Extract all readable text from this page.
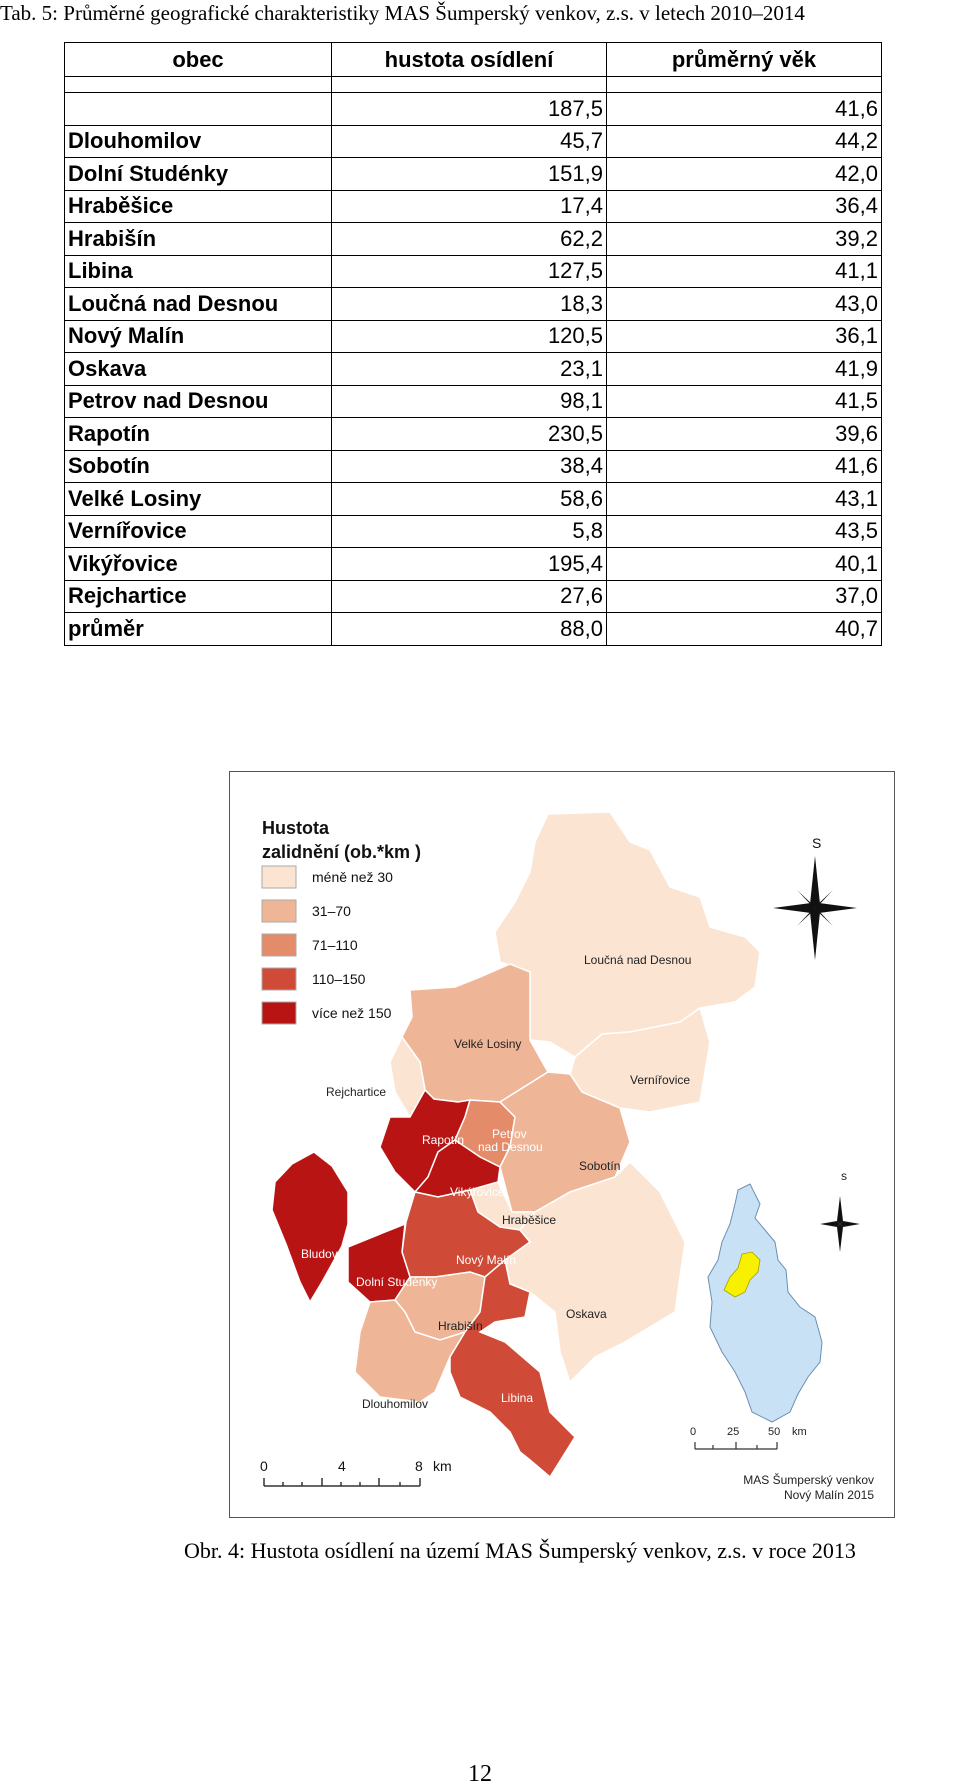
Tab. 5: Průměrné geografické charakteristiky MAS Šumperský venkov, z.s. v letech 2010–2014
obec	hustota osídlení	průměrný věk

	187,5	41,6
Dlouhomilov	45,7	44,2
Dolní Studénky	151,9	42,0
Hraběšice	17,4	36,4
Hrabišín	62,2	39,2
Libina	127,5	41,1
Loučná nad Desnou	18,3	43,0
Nový Malín	120,5	36,1
Oskava	23,1	41,9
Petrov nad Desnou	98,1	41,5
Rapotín	230,5	39,6
Sobotín	38,4	41,6
Velké Losiny	58,6	43,1
Vernířovice	5,8	43,5
Vikýřovice	195,4	40,1
Rejchartice	27,6	37,0
průměr	88,0	40,7
Hustota
zalidnění (ob.*km )
méně než 30
31–70
71–110
110–150
více než 150
Loučná nad Desnou
Velké Losiny
Vernířovice
Rejchartice
Rapotín Petrov
nad Desnou
Sobotín
Vikýřovice
Hraběšice
Bludov	Nový Malín
Dolní Studénky
Oskava
Hrabišín
Libina
Dlouhomilov
S
s
0	25	50 km
0	4	8 km
MAS Šumperský venkov
Nový Malín 2015
Obr. 4: Hustota osídlení na území MAS Šumperský venkov, z.s. v roce 2013
12
